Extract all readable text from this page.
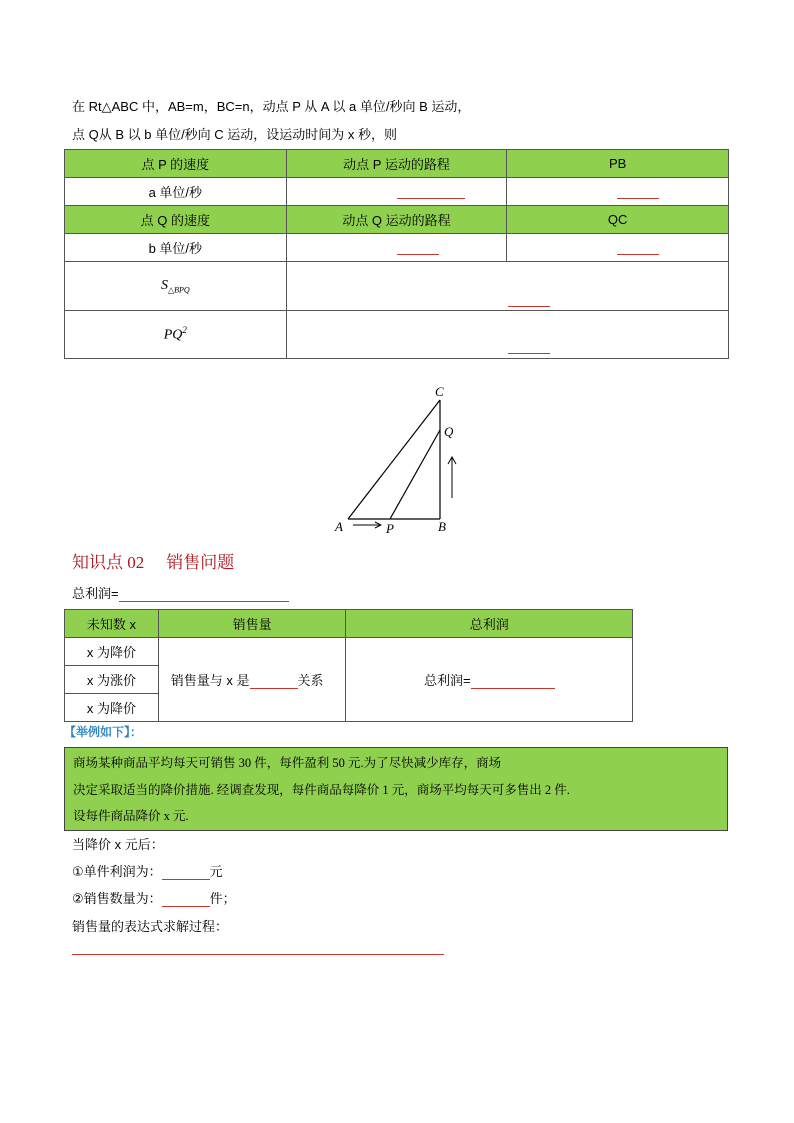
在 Rt△ABC 中，AB=m，BC=n，动点 P 从 A 以 a 单位/秒向 B 运动，
点 Q从 B 以 b 单位/秒向 C 运动，设运动时间为 x 秒，则
点 P 的速度	动点 P 运动的路程	PB
a 单位/秒	

点 Q 的速度	动点 Q 运动的路程	QC
b 单位/秒	

$S_{\triangle BPQ}$	

$PQ^2$	
C
Q
A	P	B
知识点 02 销售问题
总利润=
未知数 x	销售量	总利润
x 为降价	销售量与 x 是 关系	总利润=
x 为涨价		
x 为降价		
【举例如下】：
商场某种商品平均每天可销售 30 件，每件盈利 50 元.为了尽快减少库存，商场
决定采取适当的降价措施. 经调查发现，每件商品每降价 1 元，商场平均每天可多售出 2 件.
设每件商品降价 x 元.
当降价 x 元后：
①单件利润为：	元
②销售数量为：	件；
销售量的表达式求解过程：
